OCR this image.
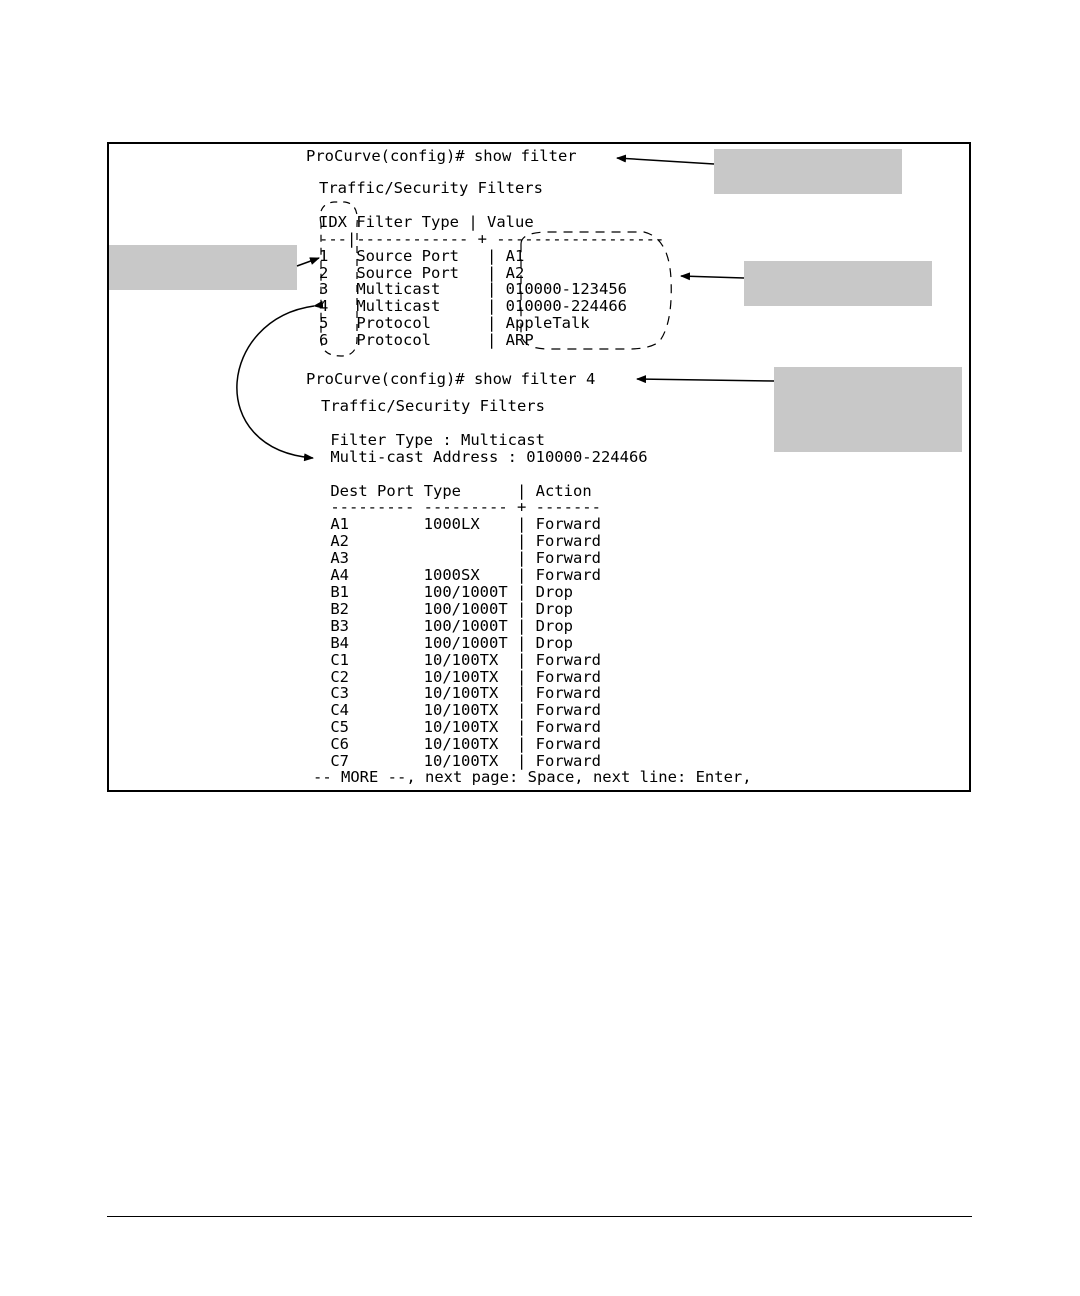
ProCurve(config)# show filter
Traffic/Security Filters

IDX Filter Type | Value
---|------------ + ------------------
1 Source Port   | A1
2 Source Port   | A2
3 Multicast     | 010000-123456
4 Multicast     | 010000-224466
5 Protocol      | AppleTalk
6 Protocol      | ARP
ProCurve(config)# show filter 4
Traffic/Security Filters

Filter Type : Multicast
Multi-cast Address : 010000-224466

Dest Port Type      | Action
--------- --------- + -------
A1	1000LX    | Forward
A2	| Forward
A3	| Forward
A4	1000SX    | Forward
B1	100/1000T | Drop
B2	100/1000T | Drop
B3	100/1000T | Drop
B4	100/1000T | Drop
C1	10/100TX  | Forward
C2	10/100TX  | Forward
C3	10/100TX  | Forward
C4	10/100TX  | Forward
C5	10/100TX  | Forward
C6	10/100TX  | Forward
C7	10/100TX  | Forward
-- MORE --, next page: Space, next line: Enter,
